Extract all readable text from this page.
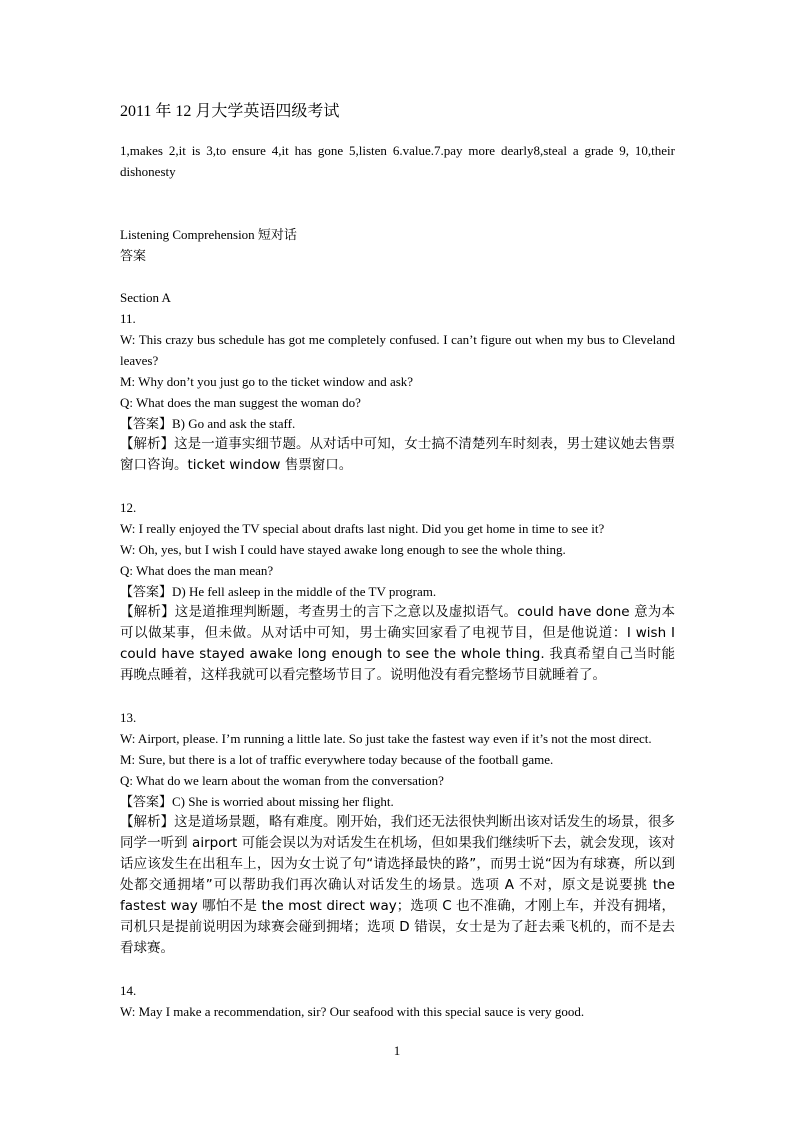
2011 年 12 月大学英语四级考试

1,makes 2,it is 3,to ensure 4,it has gone 5,listen 6.value.7.pay more dearly8,steal a grade 9, 10,their dishonesty

Listening Comprehension 短对话

答案

Section A

11.

W: This crazy bus schedule has got me completely confused. I can’t figure out when my bus to Cleveland leaves?

M: Why don’t you just go to the ticket window and ask?

Q: What does the man suggest the woman do?

【答案】B) Go and ask the staff.

【解析】这是一道事实细节题。从对话中可知，女士搞不清楚列车时刻表，男士建议她去售票窗口咨询。ticket window 售票窗口。

12.

W: I really enjoyed the TV special about drafts last night. Did you get home in time to see it?

W: Oh, yes, but I wish I could have stayed awake long enough to see the whole thing.

Q: What does the man mean?

【答案】D) He fell asleep in the middle of the TV program.

【解析】这是道推理判断题，考查男士的言下之意以及虚拟语气。could have done 意为本可以做某事，但未做。从对话中可知，男士确实回家看了电视节目，但是他说道：I wish I could have stayed awake long enough to see the whole thing. 我真希望自己当时能再晚点睡着，这样我就可以看完整场节目了。说明他没有看完整场节目就睡着了。

13.

W: Airport, please. I’m running a little late. So just take the fastest way even if it’s not the most direct.

M: Sure, but there is a lot of traffic everywhere today because of the football game.

Q: What do we learn about the woman from the conversation?

【答案】C) She is worried about missing her flight.

【解析】这是道场景题，略有难度。刚开始，我们还无法很快判断出该对话发生的场景，很多同学一听到 airport 可能会误以为对话发生在机场，但如果我们继续听下去，就会发现，该对话应该发生在出租车上，因为女士说了句“请选择最快的路”，而男士说“因为有球赛，所以到处都交通拥堵”可以帮助我们再次确认对话发生的场景。选项 A 不对，原文是说要挑 the fastest way 哪怕不是 the most direct way；选项 C 也不准确，才刚上车，并没有拥堵，司机只是提前说明因为球赛会碰到拥堵；选项 D 错误，女士是为了赶去乘飞机的，而不是去看球赛。

14.

W: May I make a recommendation, sir? Our seafood with this special sauce is very good.

1
